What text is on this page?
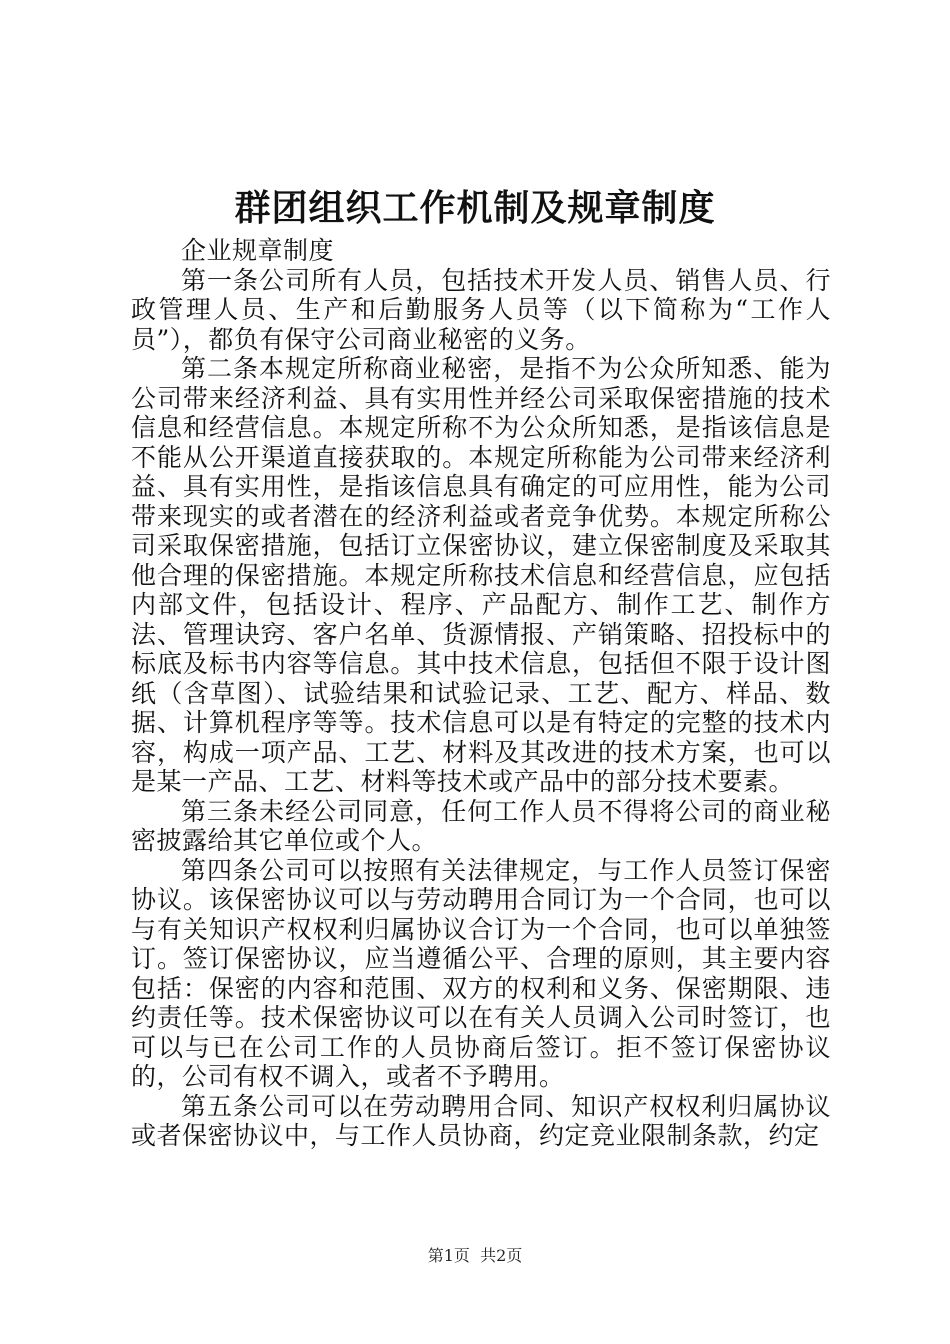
群团组织工作机制及规章制度

企业规章制度

第一条公司所有人员，包括技术开发人员、销售人员、行政管理人员、生产和后勤服务人员等（以下简称为“工作人员”），都负有保守公司商业秘密的义务。

第二条本规定所称商业秘密，是指不为公众所知悉、能为公司带来经济利益、具有实用性并经公司采取保密措施的技术信息和经营信息。本规定所称不为公众所知悉，是指该信息是不能从公开渠道直接获取的。本规定所称能为公司带来经济利益、具有实用性，是指该信息具有确定的可应用性，能为公司带来现实的或者潜在的经济利益或者竞争优势。本规定所称公司采取保密措施，包括订立保密协议，建立保密制度及采取其他合理的保密措施。本规定所称技术信息和经营信息，应包括内部文件，包括设计、程序、产品配方、制作工艺、制作方法、管理诀窍、客户名单、货源情报、产销策略、招投标中的标底及标书内容等信息。其中技术信息，包括但不限于设计图纸（含草图）、试验结果和试验记录、工艺、配方、样品、数据、计算机程序等等。技术信息可以是有特定的完整的技术内容，构成一项产品、工艺、材料及其改进的技术方案，也可以是某一产品、工艺、材料等技术或产品中的部分技术要素。

第三条未经公司同意，任何工作人员不得将公司的商业秘密披露给其它单位或个人。

第四条公司可以按照有关法律规定，与工作人员签订保密协议。该保密协议可以与劳动聘用合同订为一个合同，也可以与有关知识产权权利归属协议合订为一个合同，也可以单独签订。签订保密协议，应当遵循公平、合理的原则，其主要内容包括：保密的内容和范围、双方的权利和义务、保密期限、违约责任等。技术保密协议可以在有关人员调入公司时签订，也可以与已在公司工作的人员协商后签订。拒不签订保密协议的，公司有权不调入，或者不予聘用。

第五条公司可以在劳动聘用合同、知识产权权利归属协议或者保密协议中，与工作人员协商，约定竞业限制条款，约定

第1页 共2页
